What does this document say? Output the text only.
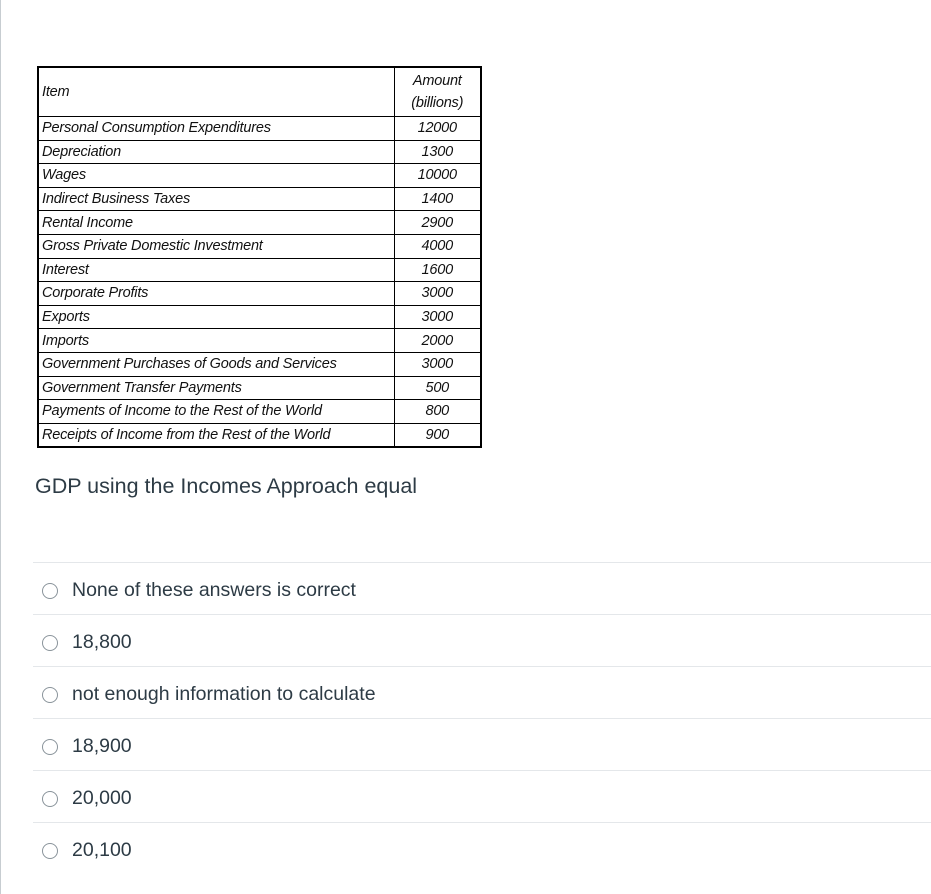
Item	Amount
(billions)
Personal Consumption Expenditures	12000
Depreciation	1300
Wages	10000
Indirect Business Taxes	1400
Rental Income	2900
Gross Private Domestic Investment	4000
Interest	1600
Corporate Profits	3000
Exports	3000
Imports	2000
Government Purchases of Goods and Services	3000
Government Transfer Payments	500
Payments of Income to the Rest of the World	800
Receipts of Income from the Rest of the World	900
GDP using the Incomes Approach equal
None of these answers is correct
18,800
not enough information to calculate
18,900
20,000
20,100
